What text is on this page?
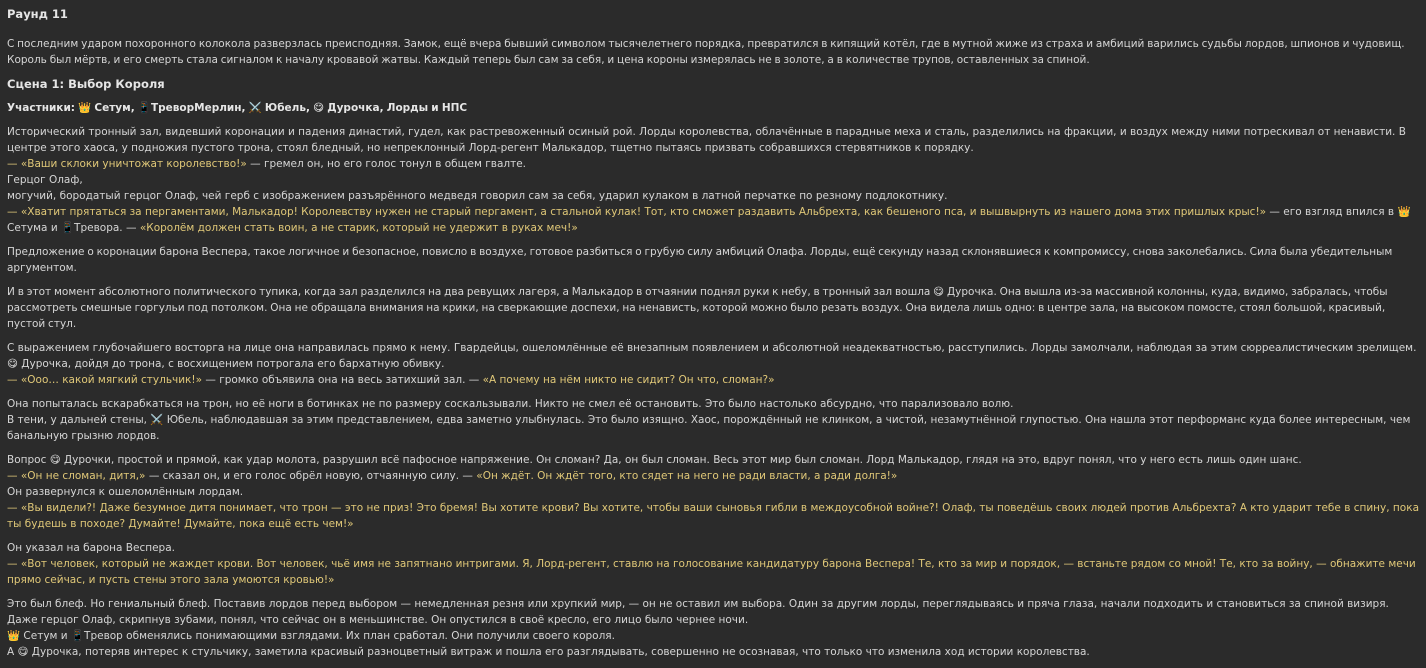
Раунд 11
С последним ударом похоронного колокола разверзлась преисподняя. Замок, ещё вчера бывший символом тысячелетнего порядка, превратился в кипящий котёл, где в мутной жиже из страха и амбиций варились судьбы лордов, шпионов и чудовищ. Король был мёртв, и его смерть стала сигналом к началу кровавой жатвы. Каждый теперь был сам за себя, и цена короны измерялась не в золоте, а в количестве трупов, оставленных за спиной.
Сцена 1: Выбор Короля
Участники: 👑 Сетум, 📱ТреворМерлин, ⚔️ Юбель, 😋 Дурочка, Лорды и НПС
Исторический тронный зал, видевший коронации и падения династий, гудел, как растревоженный осиный рой. Лорды королевства, облачённые в парадные меха и сталь, разделились на фракции, и воздух между ними потрескивал от ненависти. В центре этого хаоса, у подножия пустого трона, стоял бледный, но непреклонный Лорд-регент Малькадор, тщетно пытаясь призвать собравшихся стервятников к порядку.
— «Ваши склоки уничтожат королевство!» — гремел он, но его голос тонул в общем гвалте.
Герцог Олаф,
могучий, бородатый герцог Олаф, чей герб с изображением разъярённого медведя говорил сам за себя, ударил кулаком в латной перчатке по резному подлокотнику.
— «Хватит прятаться за пергаментами, Малькадор! Королевству нужен не старый пергамент, а стальной кулак! Тот, кто сможет раздавить Альбрехта, как бешеного пса, и вышвырнуть из нашего дома этих пришлых крыс!» — его взгляд впился в 👑 Сетума и 📱Тревора. — «Королём должен стать воин, а не старик, который не удержит в руках меч!»
Предложение о коронации барона Веспера, такое логичное и безопасное, повисло в воздухе, готовое разбиться о грубую силу амбиций Олафа. Лорды, ещё секунду назад склонявшиеся к компромиссу, снова заколебались. Сила была убедительным аргументом.
И в этот момент абсолютного политического тупика, когда зал разделился на два ревущих лагеря, а Малькадор в отчаянии поднял руки к небу, в тронный зал вошла 😋 Дурочка. Она вышла из-за массивной колонны, куда, видимо, забралась, чтобы рассмотреть смешные горгульи под потолком. Она не обращала внимания на крики, на сверкающие доспехи, на ненависть, которой можно было резать воздух. Она видела лишь одно: в центре зала, на высоком помосте, стоял большой, красивый, пустой стул.
С выражением глубочайшего восторга на лице она направилась прямо к нему. Гвардейцы, ошеломлённые её внезапным появлением и абсолютной неадекватностью, расступились. Лорды замолчали, наблюдая за этим сюрреалистическим зрелищем. 😋 Дурочка, дойдя до трона, с восхищением потрогала его бархатную обивку.
— «Ооо… какой мягкий стульчик!» — громко объявила она на весь затихший зал. — «А почему на нём никто не сидит? Он что, сломан?»
Она попыталась вскарабкаться на трон, но её ноги в ботинках не по размеру соскальзывали. Никто не смел её остановить. Это было настолько абсурдно, что парализовало волю.
В тени, у дальней стены, ⚔️ Юбель, наблюдавшая за этим представлением, едва заметно улыбнулась. Это было изящно. Хаос, порождённый не клинком, а чистой, незамутнённой глупостью. Она нашла этот перформанс куда более интересным, чем банальную грызню лордов.
Вопрос 😋 Дурочки, простой и прямой, как удар молота, разрушил всё пафосное напряжение. Он сломан? Да, он был сломан. Весь этот мир был сломан. Лорд Малькадор, глядя на это, вдруг понял, что у него есть лишь один шанс.
— «Он не сломан, дитя,» — сказал он, и его голос обрёл новую, отчаянную силу. — «Он ждёт. Он ждёт того, кто сядет на него не ради власти, а ради долга!»
Он развернулся к ошеломлённым лордам.
— «Вы видели?! Даже безумное дитя понимает, что трон — это не приз! Это бремя! Вы хотите крови? Вы хотите, чтобы ваши сыновья гибли в междоусобной войне?! Олаф, ты поведёшь своих людей против Альбрехта? А кто ударит тебе в спину, пока ты будешь в походе? Думайте! Думайте, пока ещё есть чем!»
Он указал на барона Веспера.
— «Вот человек, который не жаждет крови. Вот человек, чьё имя не запятнано интригами. Я, Лорд-регент, ставлю на голосование кандидатуру барона Веспера! Те, кто за мир и порядок, — встаньте рядом со мной! Те, кто за войну, — обнажите мечи прямо сейчас, и пусть стены этого зала умоются кровью!»
Это был блеф. Но гениальный блеф. Поставив лордов перед выбором — немедленная резня или хрупкий мир, — он не оставил им выбора. Один за другим лорды, переглядываясь и пряча глаза, начали подходить и становиться за спиной визиря. Даже герцог Олаф, скрипнув зубами, понял, что сейчас он в меньшинстве. Он опустился в своё кресло, его лицо было чернее ночи.
👑 Сетум и 📱Тревор обменялись понимающими взглядами. Их план сработал. Они получили своего короля.
А 😋 Дурочка, потеряв интерес к стульчику, заметила красивый разноцветный витраж и пошла его разглядывать, совершенно не осознавая, что только что изменила ход истории королевства.
